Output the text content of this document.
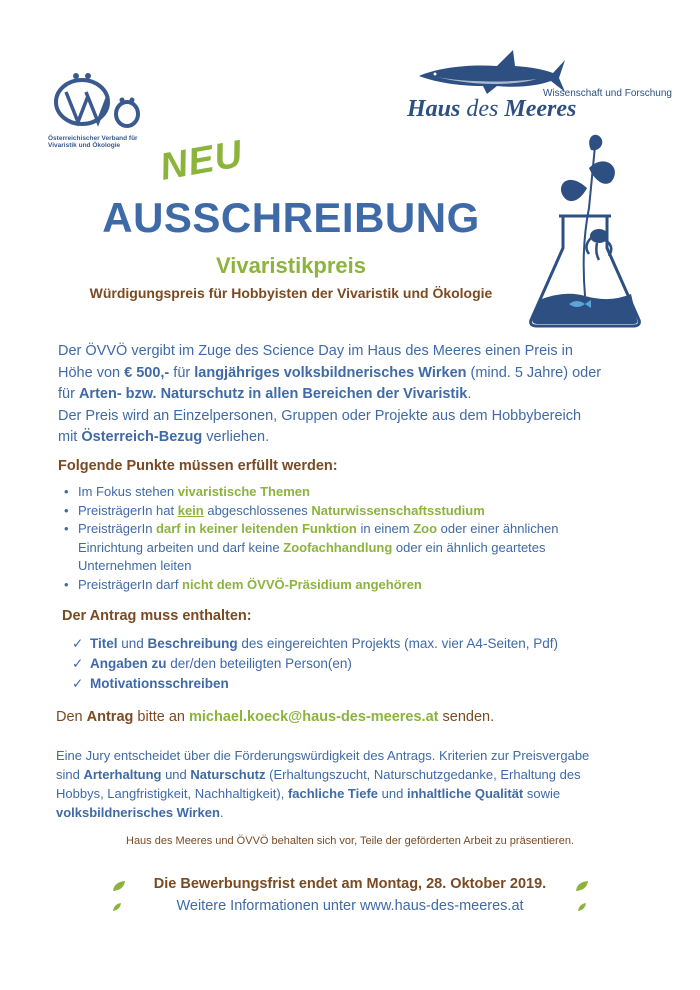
Österreichischer Verband für
Vivaristik und Ökologie
Wissenschaft und Forschung
Haus des Meeres
NEU
AUSSCHREIBUNG
Vivaristikpreis
Würdigungspreis für Hobbyisten der Vivaristik und Ökologie
Der ÖVVÖ vergibt im Zuge des Science Day im Haus des Meeres einen Preis in
Höhe von € 500,- für langjähriges volksbildnerisches Wirken (mind. 5 Jahre) oder
für Arten- bzw. Naturschutz in allen Bereichen der Vivaristik.
Der Preis wird an Einzelpersonen, Gruppen oder Projekte aus dem Hobbybereich
mit Österreich-Bezug verliehen.
Folgende Punkte müssen erfüllt werden:
• Im Fokus stehen vivaristische Themen
• PreisträgerIn hat kein abgeschlossenes Naturwissenschaftsstudium
• PreisträgerIn darf in keiner leitenden Funktion in einem Zoo oder einer ähnlichen
Einrichtung arbeiten und darf keine Zoofachhandlung oder ein ähnlich geartetes
Unternehmen leiten
• PreisträgerIn darf nicht dem ÖVVÖ-Präsidium angehören
Der Antrag muss enthalten:
✓ Titel und Beschreibung des eingereichten Projekts (max. vier A4-Seiten, Pdf)
✓ Angaben zu der/den beteiligten Person(en)
✓ Motivationsschreiben
Den Antrag bitte an michael.koeck@haus-des-meeres.at senden.
Eine Jury entscheidet über die Förderungswürdigkeit des Antrags. Kriterien zur Preisvergabe
sind Arterhaltung und Naturschutz (Erhaltungszucht, Naturschutzgedanke, Erhaltung des
Hobbys, Langfristigkeit, Nachhaltigkeit), fachliche Tiefe und inhaltliche Qualität sowie
volksbildnerisches Wirken.
Haus des Meeres und ÖVVÖ behalten sich vor, Teile der geförderten Arbeit zu präsentieren.
Die Bewerbungsfrist endet am Montag, 28. Oktober 2019.
Weitere Informationen unter www.haus-des-meeres.at
